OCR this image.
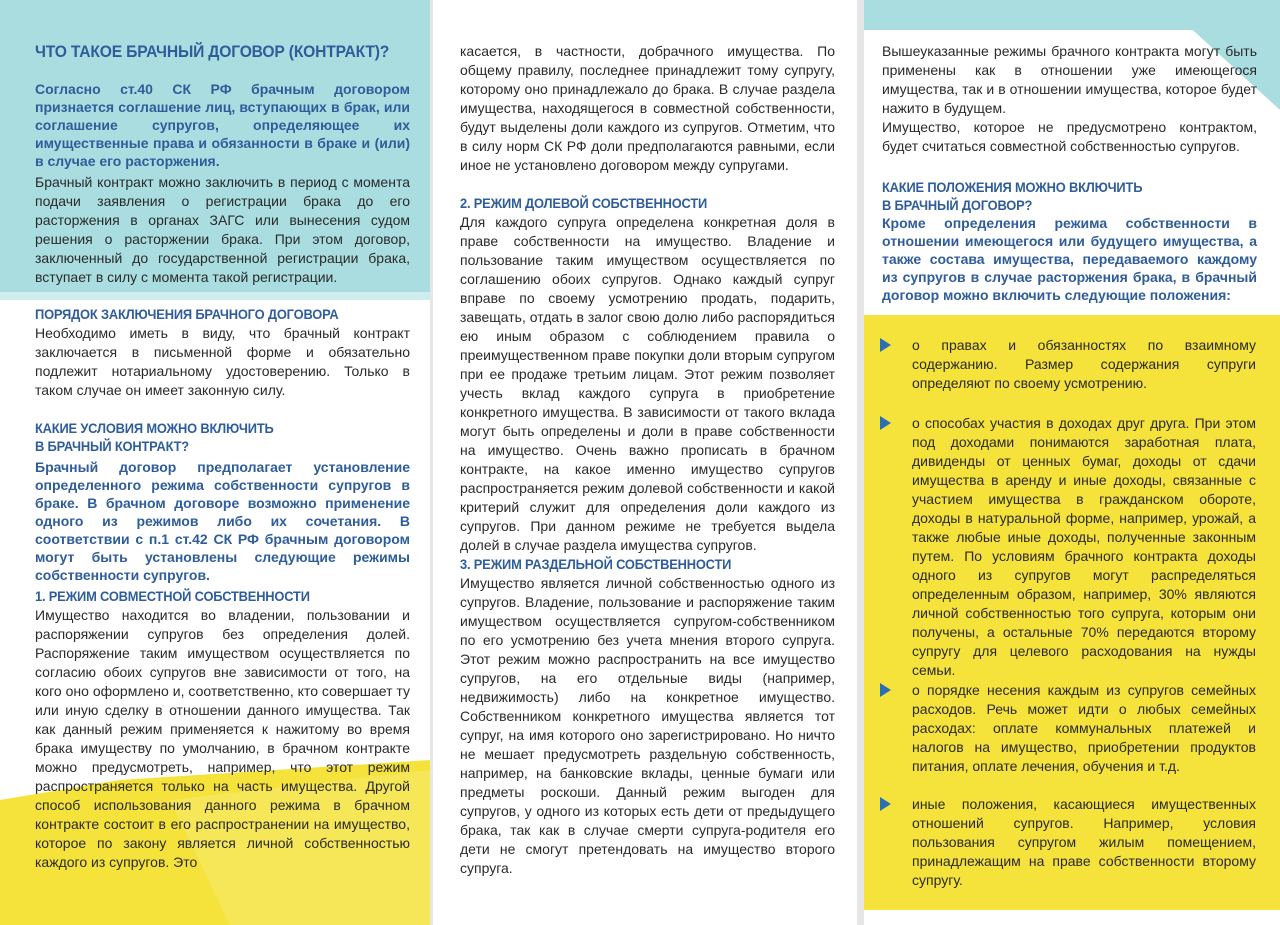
ЧТО ТАКОЕ БРАЧНЫЙ ДОГОВОР (КОНТРАКТ)?

Согласно ст.40 СК РФ брачным договором признается соглашение лиц, вступающих в брак, или соглашение супругов, определяющее их имущественные права и обязанности в браке и (или) в случае его расторжения.

Брачный контракт можно заключить в период с момента подачи заявления о регистрации брака до его расторжения в органах ЗАГС или вынесения судом решения о расторжении брака. При этом договор, заключенный до государственной регистрации брака, вступает в силу с момента такой регистрации.

ПОРЯДОК ЗАКЛЮЧЕНИЯ БРАЧНОГО ДОГОВОРА

Необходимо иметь в виду, что брачный контракт заключается в письменной форме и обязательно подлежит нотариальному удостоверению. Только в таком случае он имеет законную силу.

КАКИЕ УСЛОВИЯ МОЖНО ВКЛЮЧИТЬ
В БРАЧНЫЙ КОНТРАКТ?

Брачный договор предполагает установление определенного режима собственности супругов в браке. В брачном договоре возможно применение одного из режимов либо их сочетания. В соответствии с п.1 ст.42 СК РФ брачным договором могут быть установлены следующие режимы собственности супругов.

1. РЕЖИМ СОВМЕСТНОЙ СОБСТВЕННОСТИ

Имущество находится во владении, пользовании и распоряжении супругов без определения долей. Распоряжение таким имуществом осуществляется по согласию обоих супругов вне зависимости от того, на кого оно оформлено и, соответственно, кто совершает ту или иную сделку в отношении данного имущества. Так как данный режим применяется к нажитому во время брака имуществу по умолчанию, в брачном контракте можно предусмотреть, например, что этот режим распространяется только на часть имущества. Другой способ использования данного режима в брачном контракте состоит в его распространении на имущество, которое по закону является личной собственностью каждого из супругов. Это

касается, в частности, добрачного имущества. По общему правилу, последнее принадлежит тому супругу, которому оно принадлежало до брака. В случае раздела имущества, находящегося в совместной собственности, будут выделены доли каждого из супругов. Отметим, что в силу норм СК РФ доли предполагаются равными, если иное не установлено договором между супругами.

2. РЕЖИМ ДОЛЕВОЙ СОБСТВЕННОСТИ

Для каждого супруга определена конкретная доля в праве собственности на имущество. Владение и пользование таким имуществом осуществляется по соглашению обоих супругов. Однако каждый супруг вправе по своему усмотрению продать, подарить, завещать, отдать в залог свою долю либо распорядиться ею иным образом с соблюдением правила о преимущественном праве покупки доли вторым супругом при ее продаже третьим лицам. Этот режим позволяет учесть вклад каждого супруга в приобретение конкретного имущества. В зависимости от такого вклада могут быть определены и доли в праве собственности на имущество. Очень важно прописать в брачном контракте, на какое именно имущество супругов распространяется режим долевой собственности и какой критерий служит для определения доли каждого из супругов. При данном режиме не требуется выдела долей в случае раздела имущества супругов.

3. РЕЖИМ РАЗДЕЛЬНОЙ СОБСТВЕННОСТИ

Имущество является личной собственностью одного из супругов. Владение, пользование и распоряжение таким имуществом осуществляется супругом-собственником по его усмотрению без учета мнения второго супруга. Этот режим можно распространить на все имущество супругов, на его отдельные виды (например, недвижимость) либо на конкретное имущество. Собственником конкретного имущества является тот супруг, на имя которого оно зарегистрировано. Но ничто не мешает предусмотреть раздельную собственность, например, на банковские вклады, ценные бумаги или предметы роскоши. Данный режим выгоден для супругов, у одного из которых есть дети от предыдущего брака, так как в случае смерти супруга-родителя его дети не смогут претендовать на имущество второго супруга.

Вышеуказанные режимы брачного контракта могут быть применены как в отношении уже имеющегося имущества, так и в отношении имущества, которое будет нажито в будущем.

Имущество, которое не предусмотрено контрактом, будет считаться совместной собственностью супругов.

КАКИЕ ПОЛОЖЕНИЯ МОЖНО ВКЛЮЧИТЬ
В БРАЧНЫЙ ДОГОВОР?

Кроме определения режима собственности в отношении имеющегося или будущего имущества, а также состава имущества, передаваемого каждому из супругов в случае расторжения брака, в брачный договор можно включить следующие положения:

о правах и обязанностях по взаимному содержанию. Размер содержания супруги определяют по своему усмотрению.
о способах участия в доходах друг друга. При этом под доходами понимаются заработная плата, дивиденды от ценных бумаг, доходы от сдачи имущества в аренду и иные доходы, связанные с участием имущества в гражданском обороте, доходы в натуральной форме, например, урожай, а также любые иные доходы, полученные законным путем. По условиям брачного контракта доходы одного из супругов могут распределяться определенным образом, например, 30% являются личной собственностью того супруга, которым они получены, а остальные 70% передаются второму супругу для целевого расходования на нужды семьи.
о порядке несения каждым из супругов семейных расходов. Речь может идти о любых семейных расходах: оплате коммунальных платежей и налогов на имущество, приобретении продуктов питания, оплате лечения, обучения и т.д.
иные положения, касающиеся имущественных отношений супругов. Например, условия пользования супругом жилым помещением, принадлежащим на праве собственности второму супругу.
